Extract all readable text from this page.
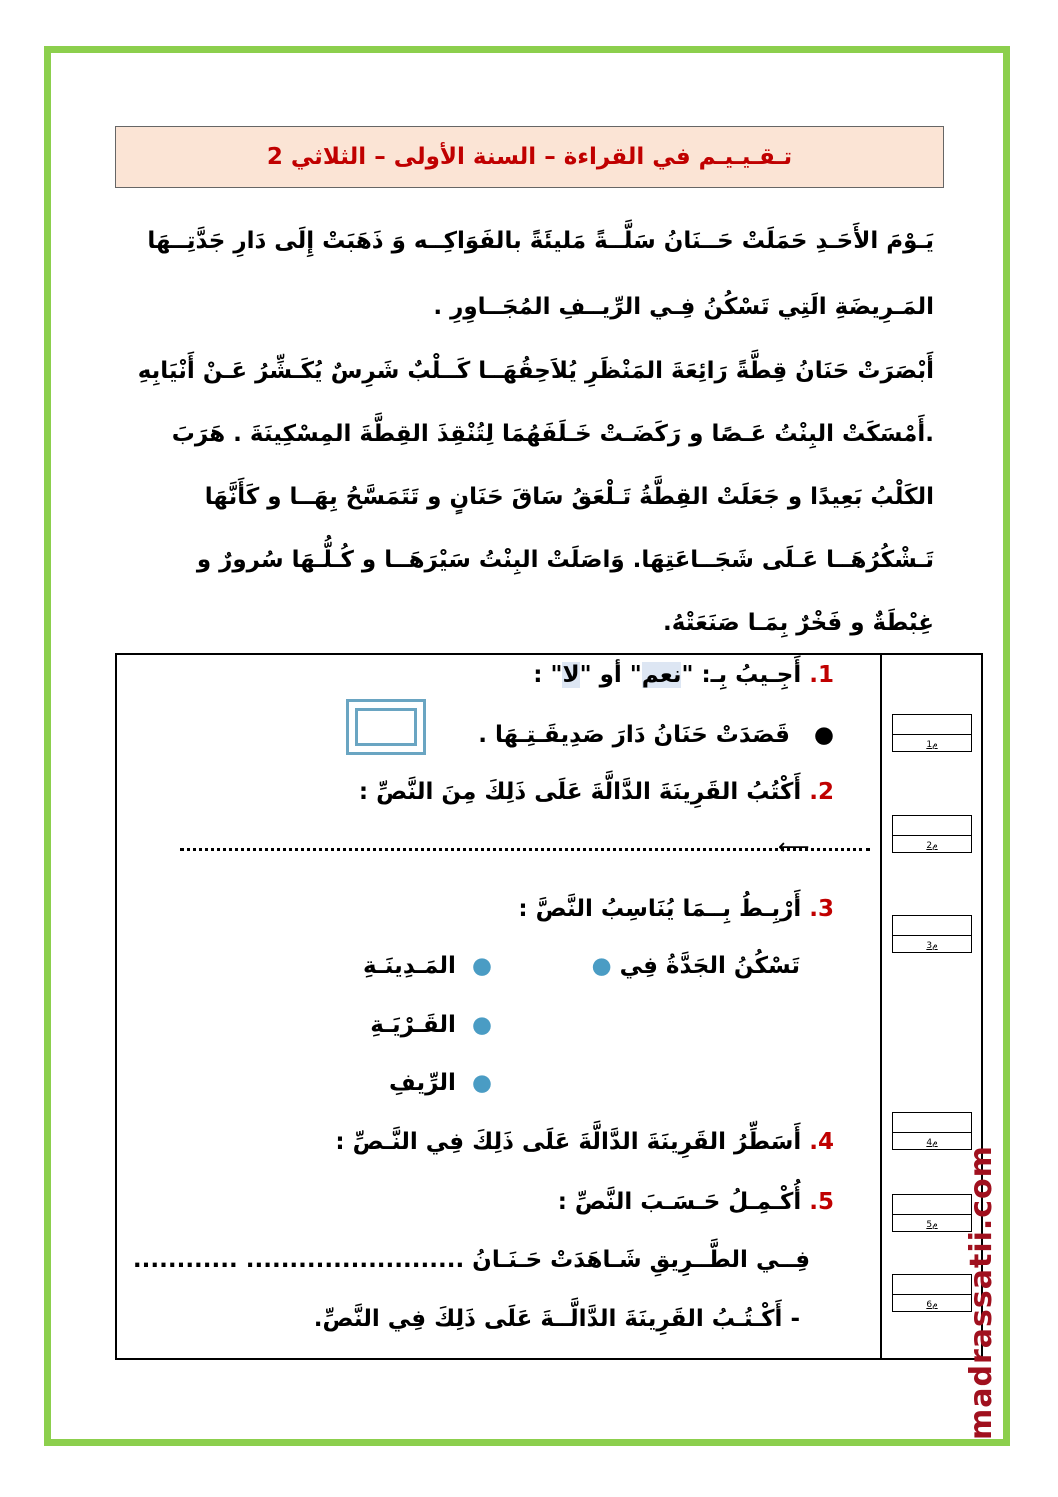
تـقـيـيـم في القراءة – السنة الأولى – الثلاثي 2
يَـوْمَ الأَحَـدِ حَمَلَتْ حَــنَانُ سَلَّــةً مَليئَةً بالفَوَاكِــه وَ ذَهَبَتْ إِلَى دَارِ جَدَّتِــهَا المَـرِيضَةِ الَتِي تَسْكُنُ فِـي الرِّيــفِ المُجَــاوِرِ .
أَبْصَرَتْ حَنَانُ قِطَّةً رَائِعَةَ المَنْظَرِ يُلاَحِقُهَــا كَــلْبٌ شَرِسٌ يُكَـشِّرُ عَـنْ أَنْيَابِهِ .أَمْسَكَتْ البِنْتُ عَـصًا و رَكَضَـتْ خَـلَفَهُمَا لِتُنْقِذَ القِطَّةَ المِسْكِينَةَ . هَرَبَ الكَلْبُ بَعِيدًا و جَعَلَتْ القِطَّةُ تَـلْعَقُ سَاقَ حَنَانٍ و تَتَمَسَّحُ بِهَــا و كَأَنَّهَا تَـشْكُرُهَــا عَـلَى شَجَــاعَتِهَا. وَاصَلَتْ البِنْتُ سَيْرَهَــا و كُـلُّـهَا سُرورٌ و غِبْطَةٌ و فَخْرٌ بِمَـا صَنَعَتْهُ.
1. أَجِـيبُ بِـ: "نعم" أو "لا" :
●   قَصَدَتْ حَنَانُ دَارَ صَدِيقَـتِـهَا .
2. أَكْتُبُ القَرِينَةَ الدَّالَّةَ عَلَى ذَلِكَ مِنَ النَّصِّ :
⟵
3. أَرْبِـطُ بِــمَا يُنَاسِبُ النَّصَّ :
تَسْكُنُ الجَدَّةُ فِي ●
●  المَـدِينَـةِ
●  القَـرْيَـةِ
●  الرِّيفِ
4. أَسَطِّرُ القَرِينَةَ الدَّالَّةَ عَلَى ذَلِكَ فِي النَّـصِّ :
5. أُكْـمِـلُ حَـسَـبَ النَّصِّ :
فِــي الطَّــرِيقِ شَـاهَدَتْ حَـنَـانُ ......................... ............
- أَكْـتُـبُ القَرِينَةَ الدَّالَّــةَ عَلَى ذَلِكَ فِي النَّصِّ.
م1
م2
م3
م4
م5
م6 madrassatii.com
